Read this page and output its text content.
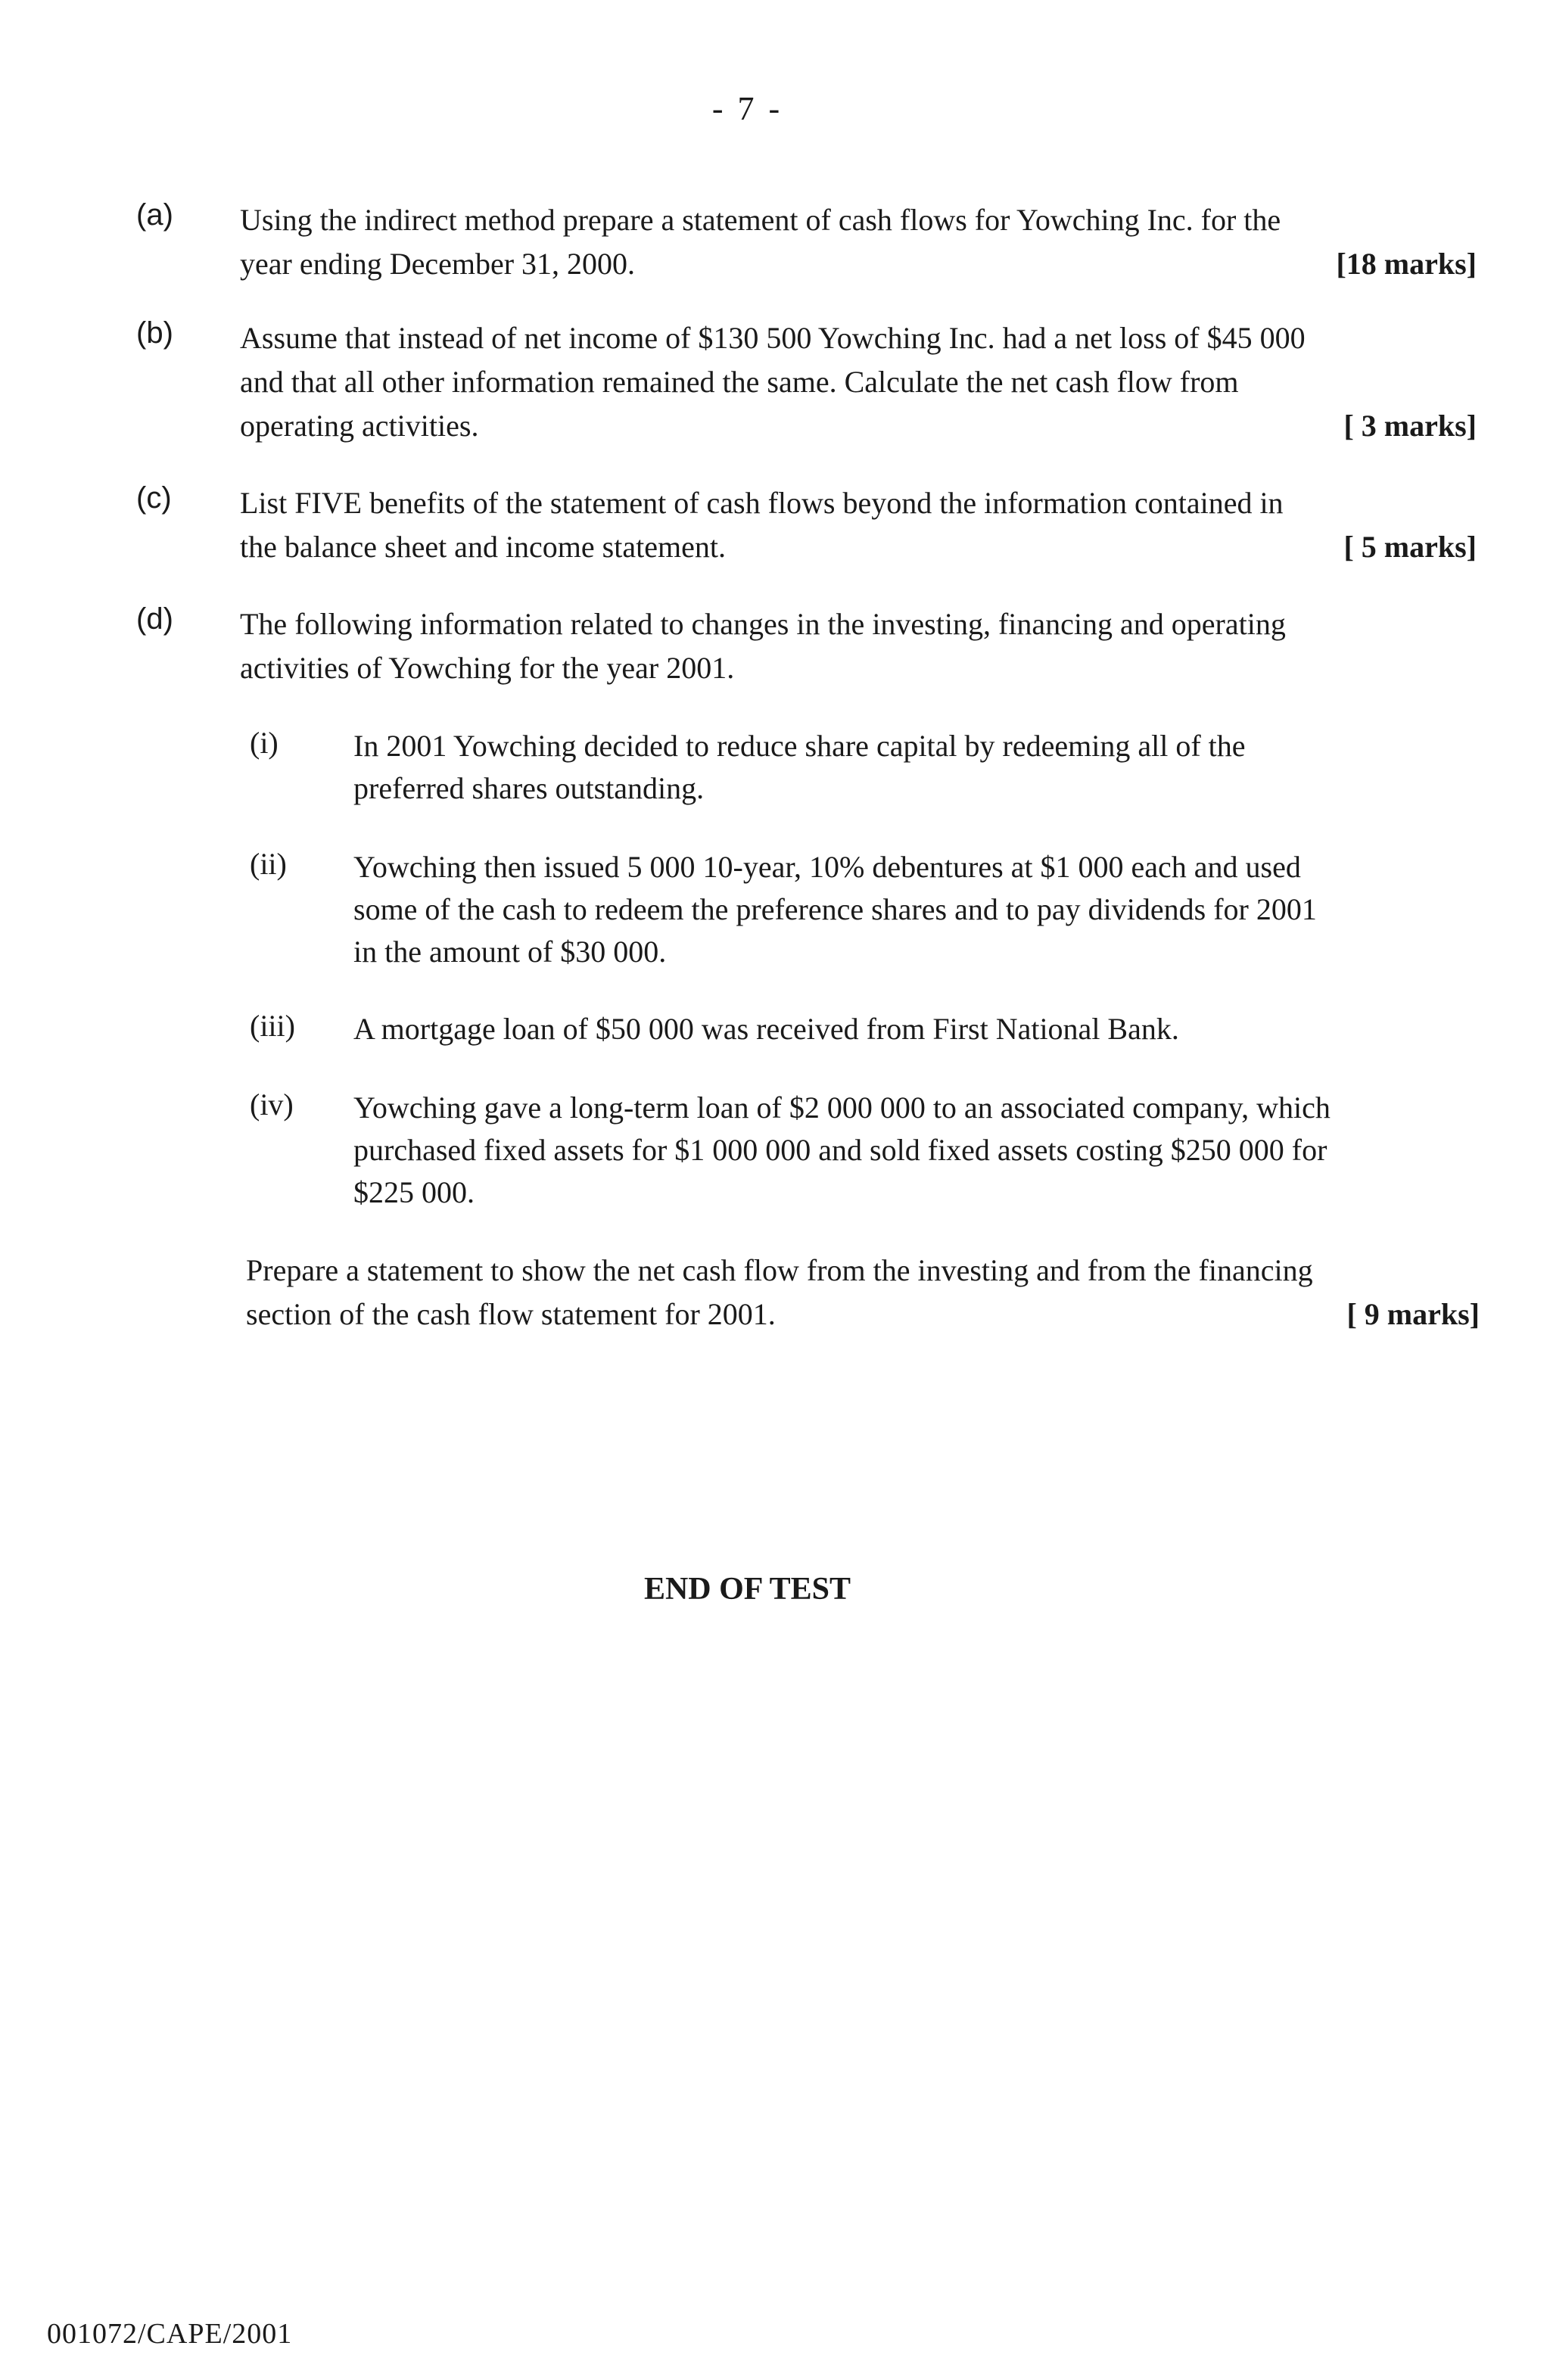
- 7 -
(a) Using the indirect method prepare a statement of cash flows for Yowching Inc. for the
year ending December 31, 2000.	[18 marks]
(b) Assume that instead of net income of $130 500 Yowching Inc. had a net loss of $45 000
and that all other information remained the same. Calculate the net cash flow from
operating activities.	[ 3 marks]
(c) List FIVE benefits of the statement of cash flows beyond the information contained in
the balance sheet and income statement.	[ 5 marks]
(d) The following information related to changes in the investing, financing and operating
activities of Yowching for the year 2001.
(i) In 2001 Yowching decided to reduce share capital by redeeming all of the
preferred shares outstanding.
(ii) Yowching then issued 5 000 10-year, 10% debentures at $1 000 each and used
some of the cash to redeem the preference shares and to pay dividends for 2001
in the amount of $30 000.
(iii) A mortgage loan of $50 000 was received from First National Bank.
(iv) Yowching gave a long-term loan of $2 000 000 to an associated company, which
purchased fixed assets for $1 000 000 and sold fixed assets costing $250 000 for
$225 000.
Prepare a statement to show the net cash flow from the investing and from the financing
section of the cash flow statement for 2001.	[ 9 marks]
END OF TEST
001072/CAPE/2001
